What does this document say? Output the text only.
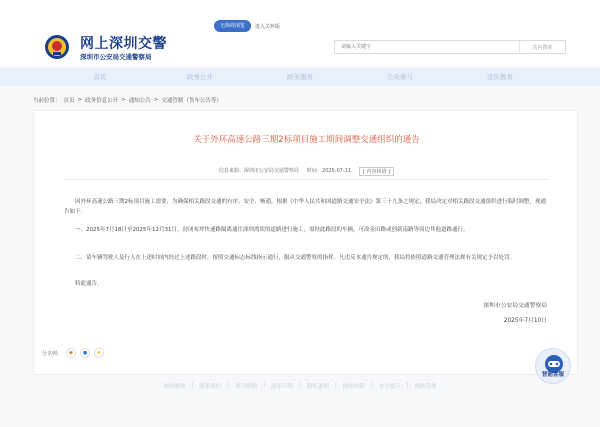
无障碍浏览	进入关怀版
网上深圳交警
深圳市公安局交通警察局
请输入关键字
站内搜索
首页	政务公开	政务服务	公众参与	宣传教育
当前位置： 首页 > 政务信息公开 > 通知公告 > 交通管制（货车公告等）
关于外环高速公路三期2标项目施工期间调整交通组织的通告
信息来源：深圳市公安局交通警察局 时间：2025-07-11	[ 内容纠错 ]
因外环高速公路三期2标项目施工需要，为确保相关路段交通的有序、安全、畅通，根据《中华人民共和国道路交通安全法》第三十九条之规定，我局决定对相关路段交通组织进行临时调整，现通告如下：
一、2025年7月18日至2025年12月31日，封闭布坪快速路隔离通往深圳湾状的道路进行施工，需经此路段的车辆，可改金田路或创新南路等周边其他道路通行。
二、请车辆驾驶人及行人在上述时间内经过上述路段时，按照交通标志标线指示通行，服从交通警察的指挥。凡违反本通告规定的，我局将依照道路交通管理法规有关规定予以处罚。
特此通告。
深圳市公安局交通警察局
2025年7月10日
分享到：	◉	●	★
智能客服
网站地图 | 联系我们 | 使用帮助 | 法律声明 | 隐私说明 | 网站纠错 | 安全提示 | 网站管理
